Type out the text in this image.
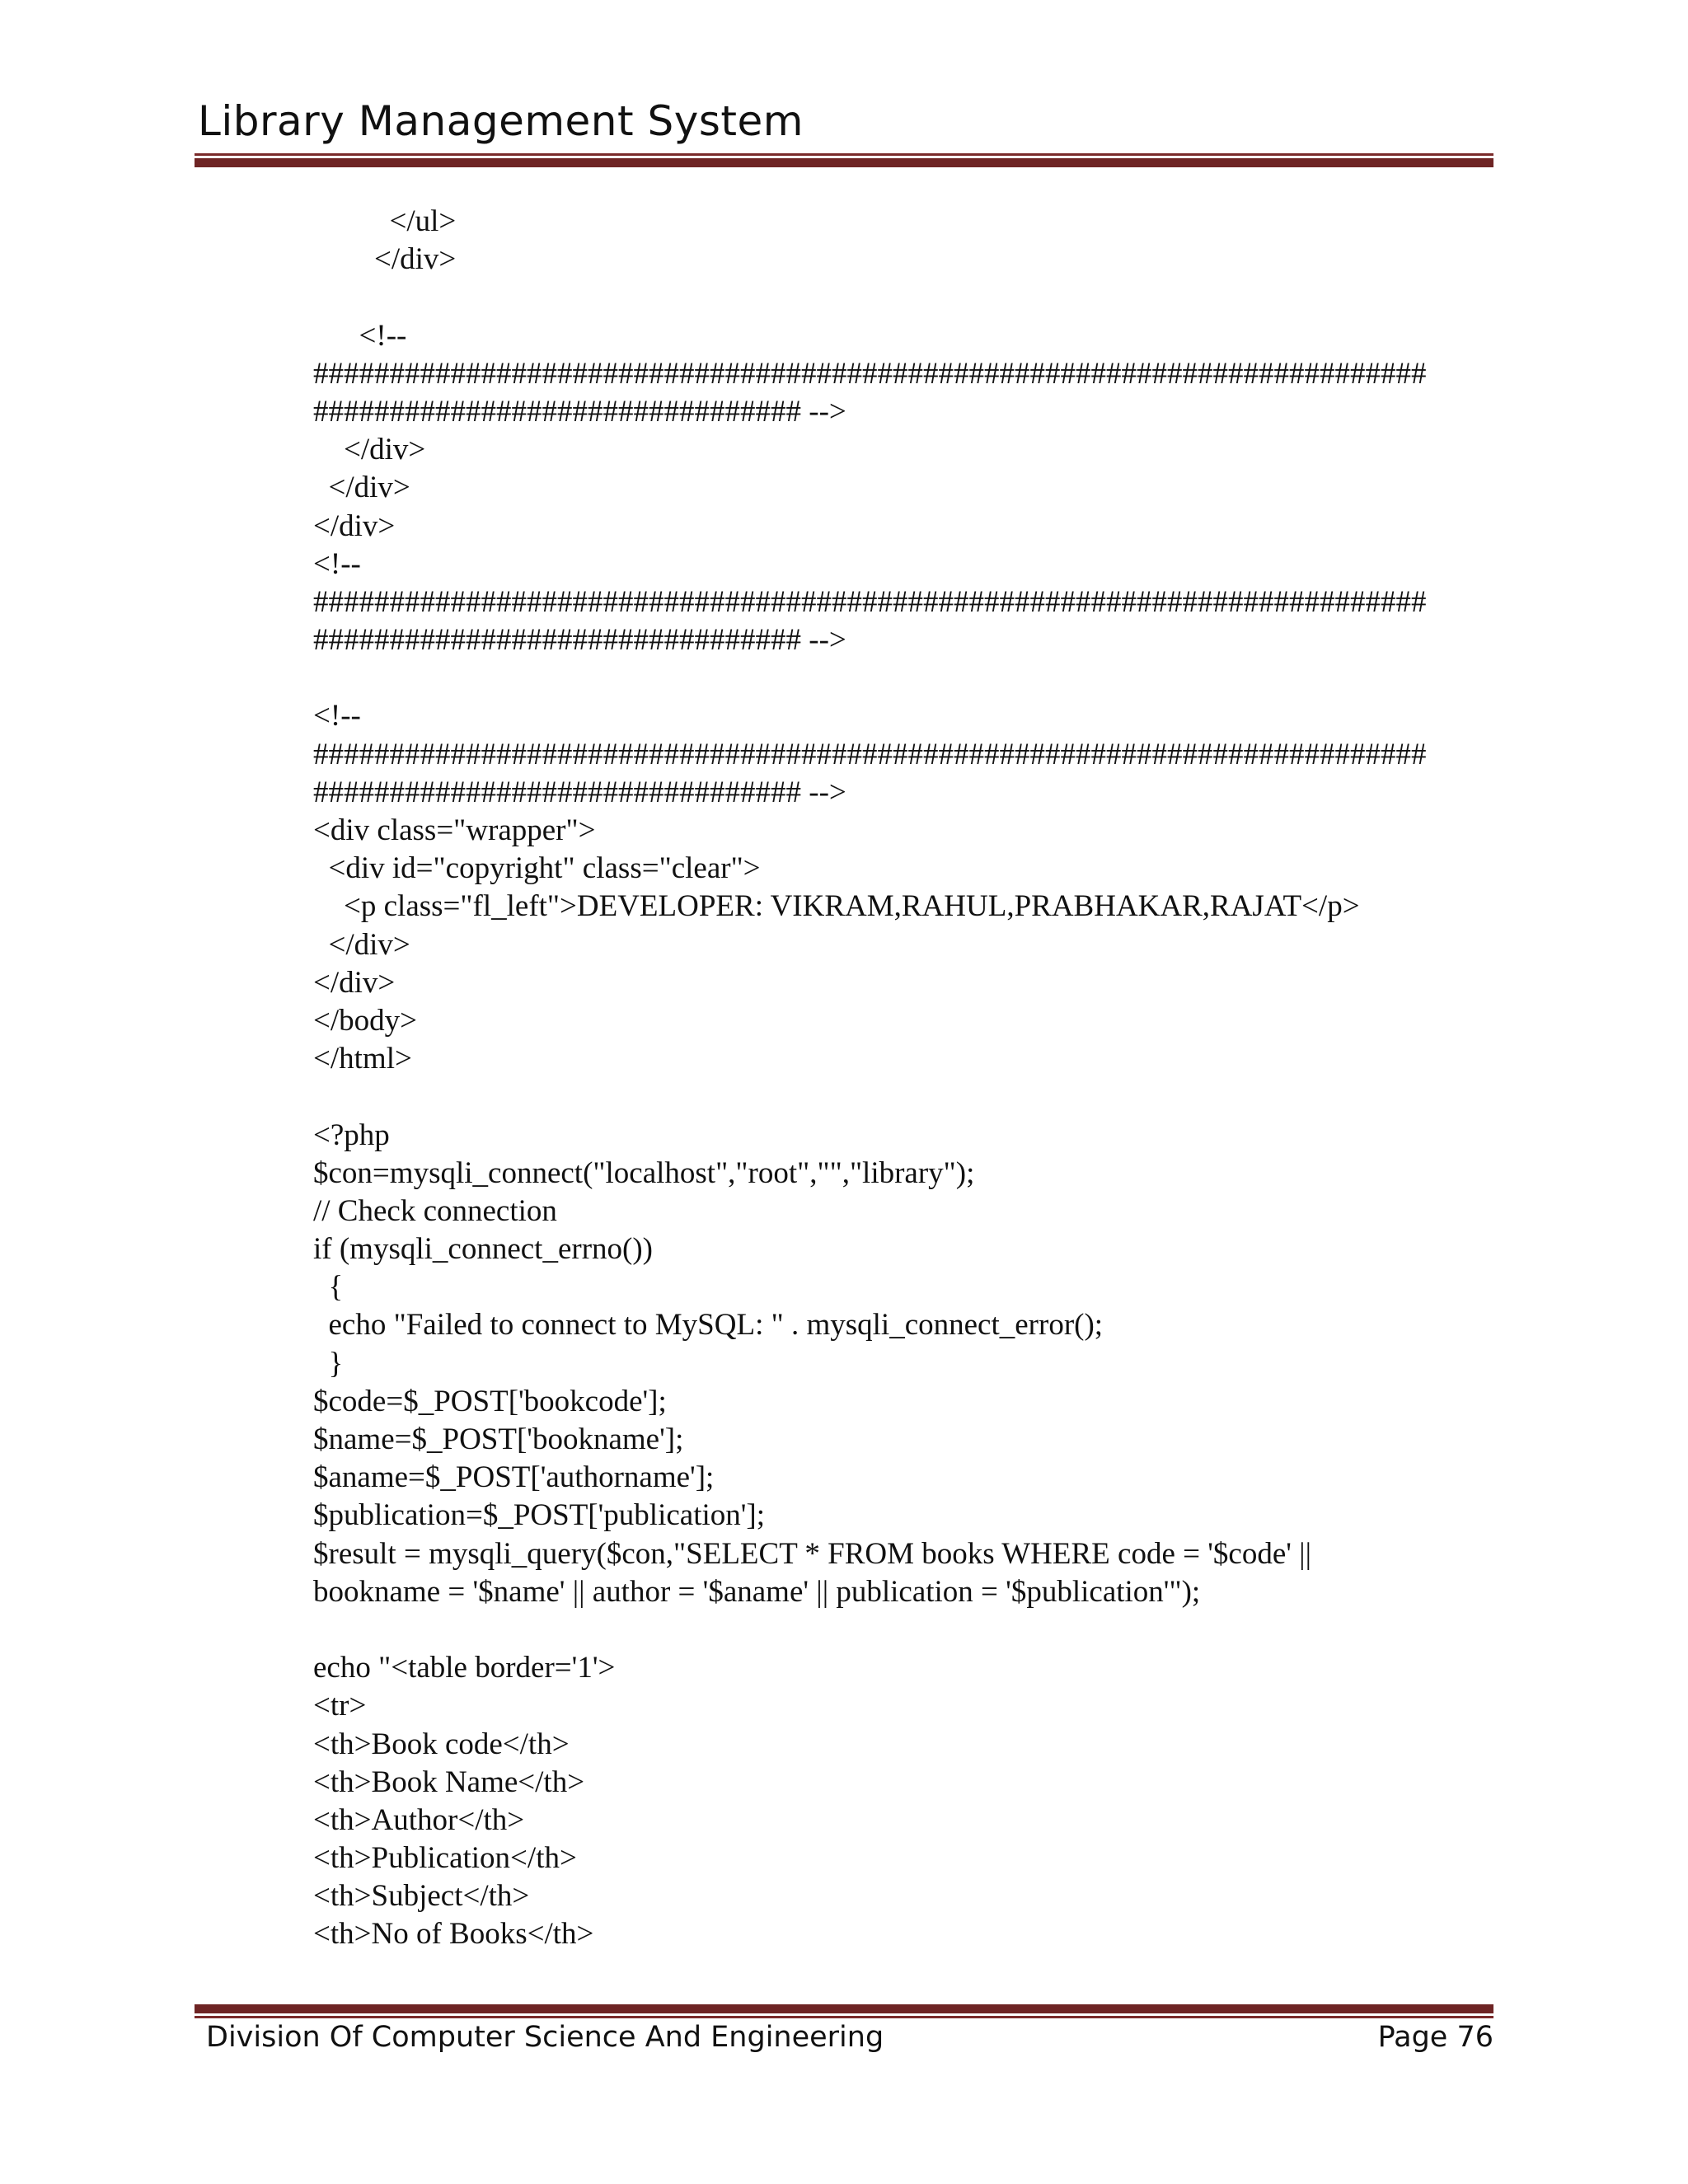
Library Management System
</ul>
</div>
<!--
#########################################################################
################################ -->
</div>
</div>
</div>
<!--
#########################################################################
################################ -->
<!--
#########################################################################
################################ -->
<div class="wrapper">
<div id="copyright" class="clear">
<p class="fl_left">DEVELOPER: VIKRAM,RAHUL,PRABHAKAR,RAJAT</p>
</div>
</div>
</body>
</html>
<?php
$con=mysqli_connect("localhost","root","","library");
// Check connection
if (mysqli_connect_errno())
{
echo "Failed to connect to MySQL: " . mysqli_connect_error();
}
$code=$_POST['bookcode'];
$name=$_POST['bookname'];
$aname=$_POST['authorname'];
$publication=$_POST['publication'];
$result = mysqli_query($con,"SELECT * FROM books WHERE code = '$code' ||
bookname = '$name' || author = '$aname' || publication = '$publication'");
echo "<table border='1'>
<tr>
<th>Book code</th>
<th>Book Name</th>
<th>Author</th>
<th>Publication</th>
<th>Subject</th>
<th>No of Books</th>
Division Of Computer Science And Engineering	Page 76
